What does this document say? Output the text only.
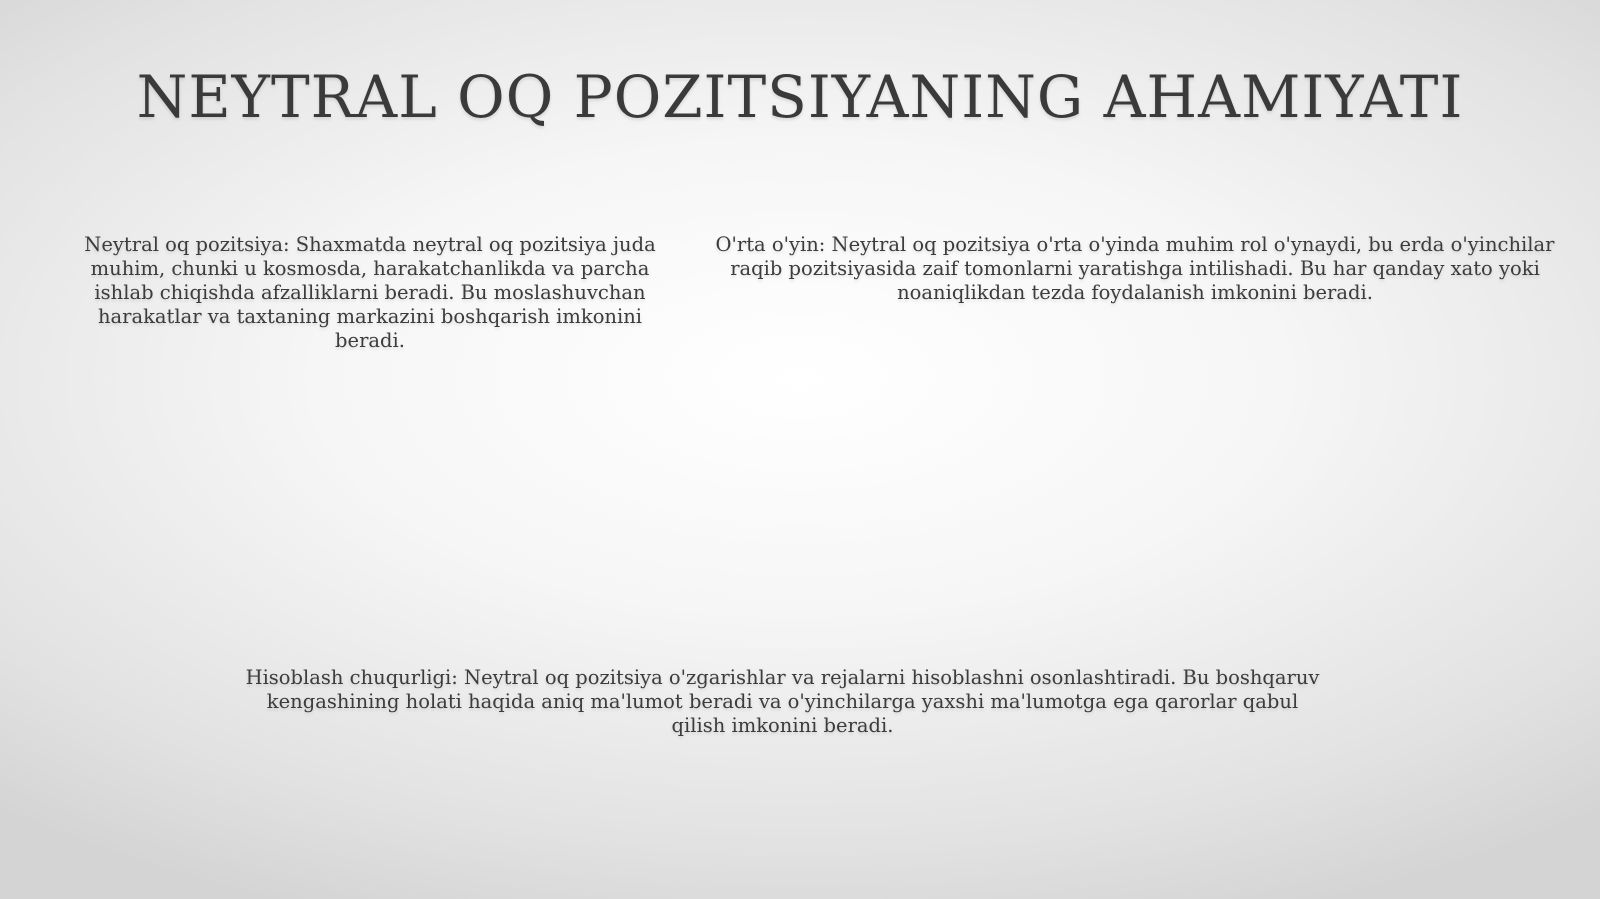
NEYTRAL OQ POZITSIYANING AHAMIYATI

Neytral oq pozitsiya: Shaxmatda neytral oq pozitsiya juda muhim, chunki u kosmosda, harakatchanlikda va parcha ishlab chiqishda afzalliklarni beradi. Bu moslashuvchan harakatlar va taxtaning markazini boshqarish imkonini beradi.

O'rta o'yin: Neytral oq pozitsiya o'rta o'yinda muhim rol o'ynaydi, bu erda o'yinchilar raqib pozitsiyasida zaif tomonlarni yaratishga intilishadi. Bu har qanday xato yoki noaniqlikdan tezda foydalanish imkonini beradi.

Hisoblash chuqurligi: Neytral oq pozitsiya o'zgarishlar va rejalarni hisoblashni osonlashtiradi. Bu boshqaruv kengashining holati haqida aniq ma'lumot beradi va o'yinchilarga yaxshi ma'lumotga ega qarorlar qabul qilish imkonini beradi.
